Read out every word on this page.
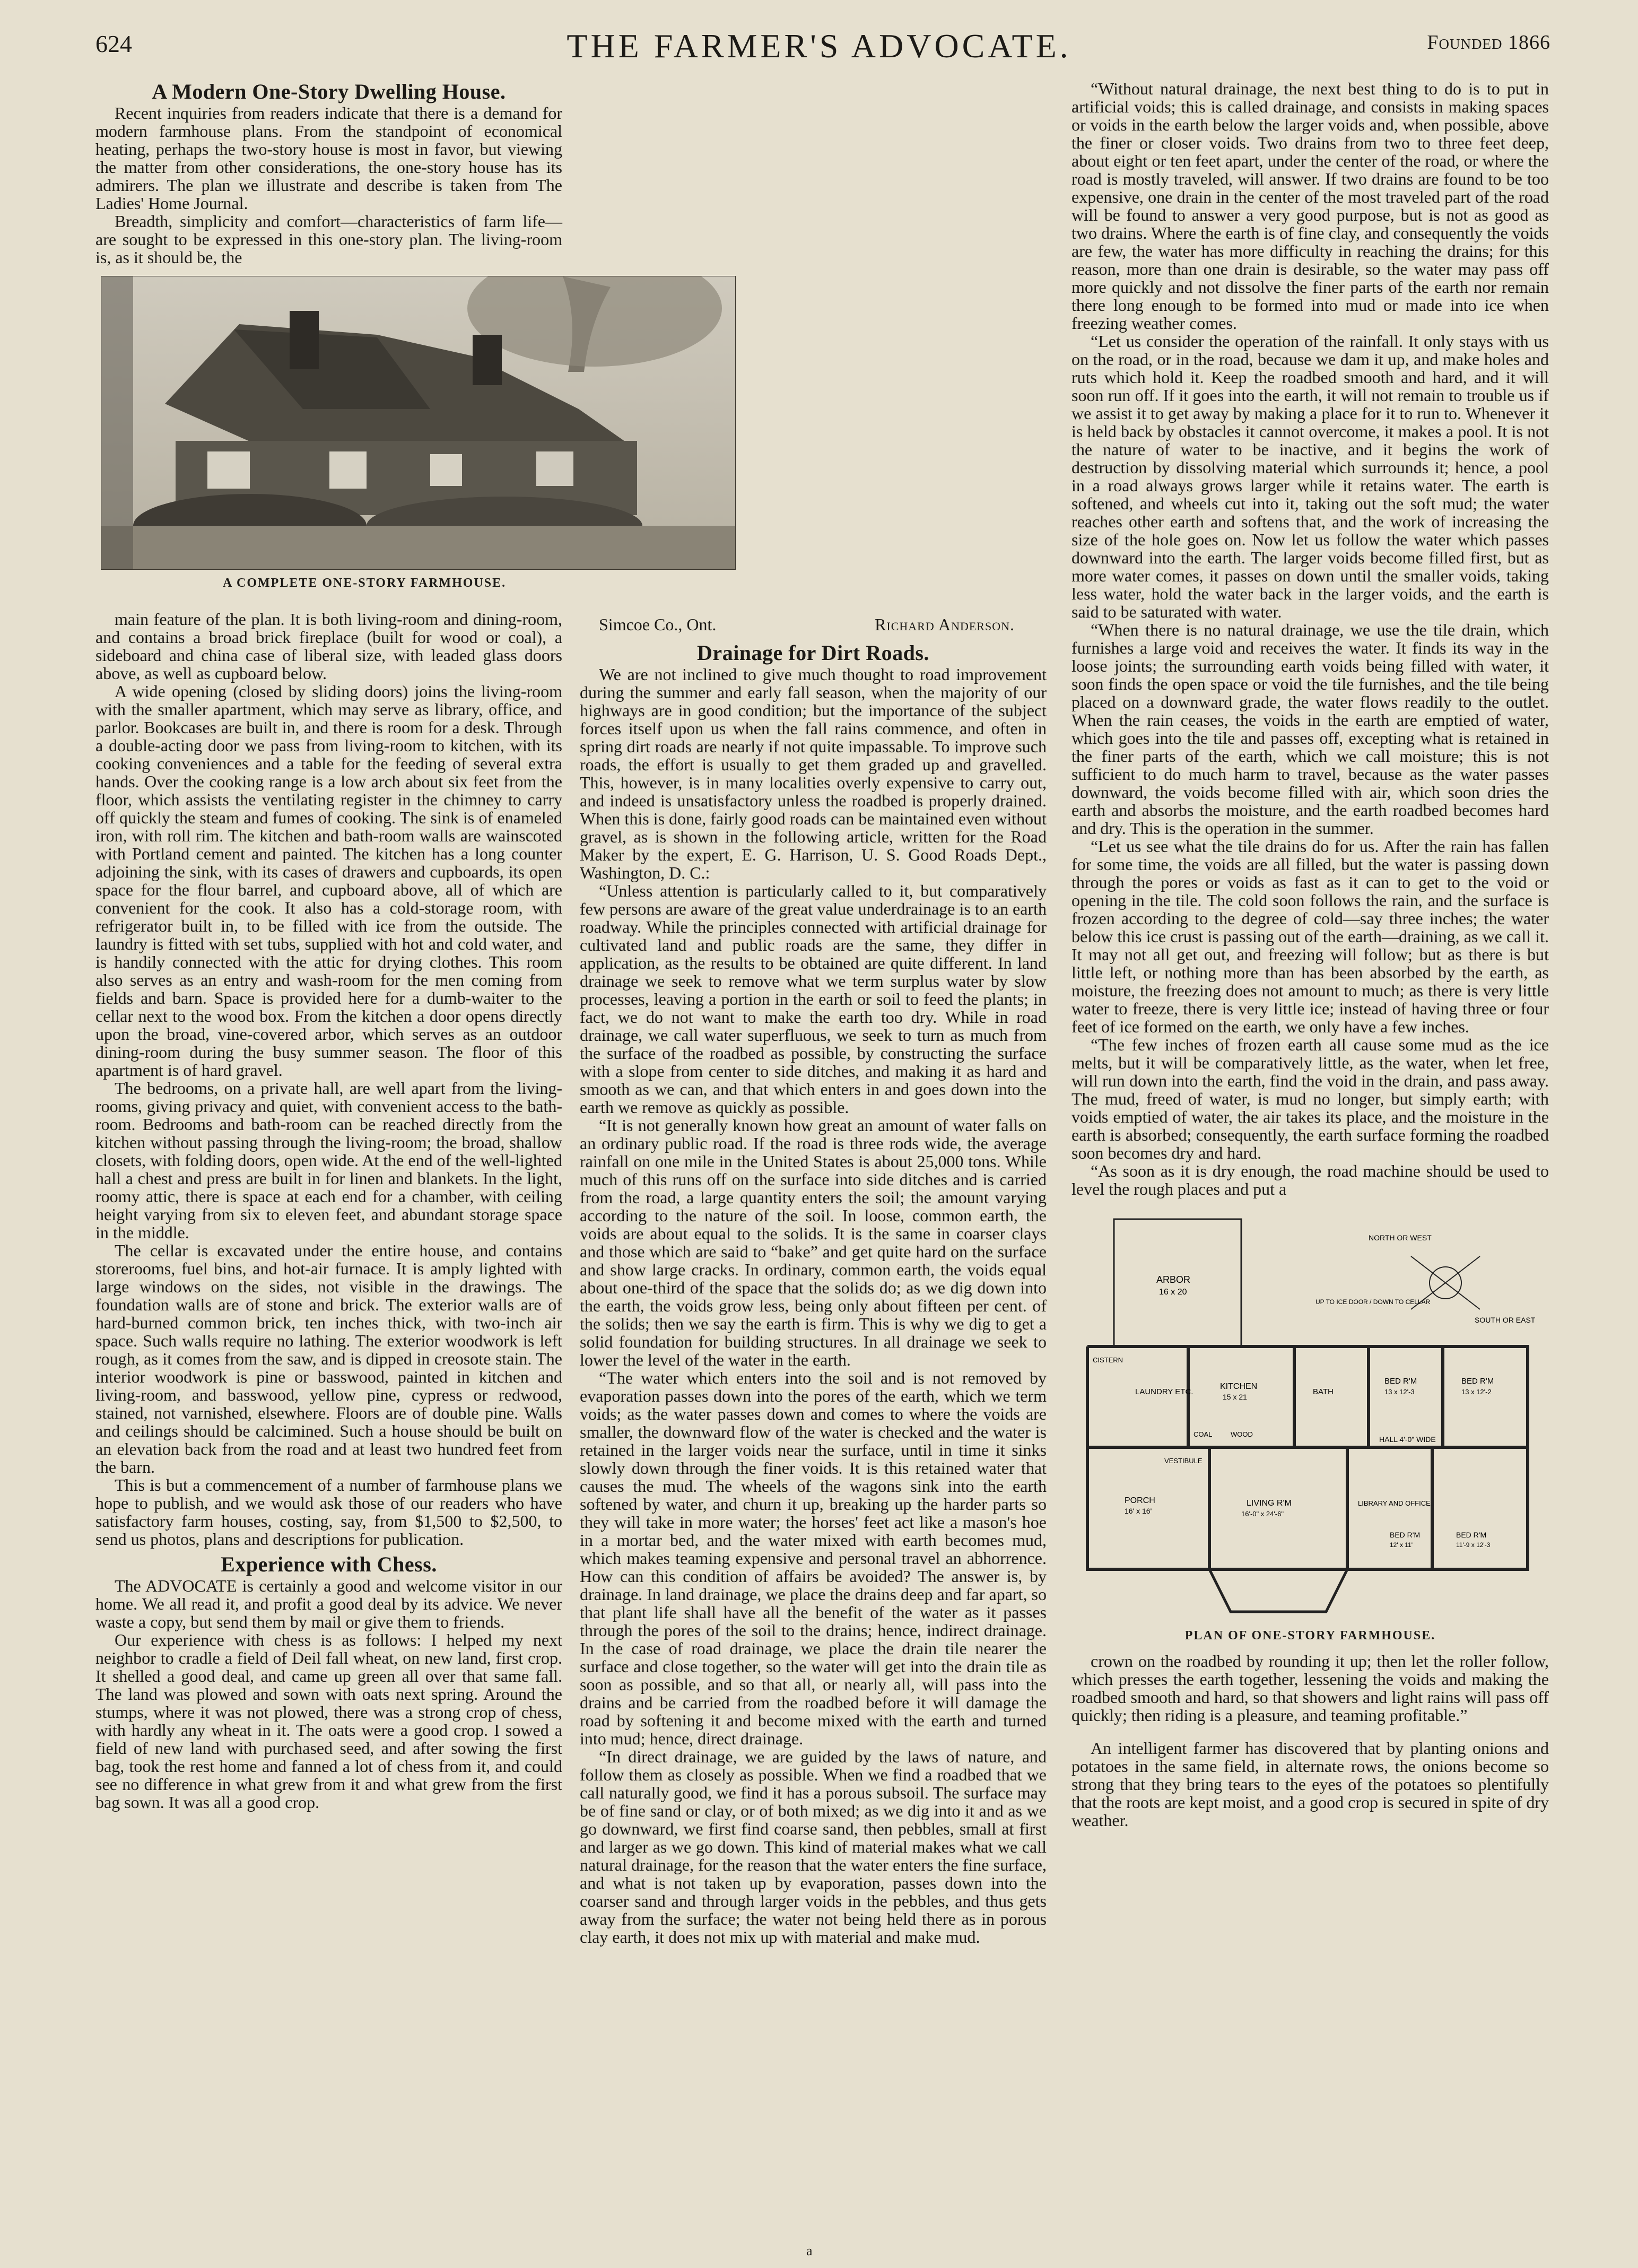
624	THE FARMER'S ADVOCATE.	Founded 1866
A Modern One-Story Dwelling House.

Recent inquiries from readers indicate that there is a demand for modern farmhouse plans. From the standpoint of economical heating, perhaps the two-story house is most in favor, but viewing the matter from other considerations, the one-story house has its admirers. The plan we illustrate and describe is taken from The Ladies' Home Journal.

Breadth, simplicity and comfort—characteristics of farm life—are sought to be expressed in this one-story plan. The living-room is, as it should be, the

A COMPLETE ONE-STORY FARMHOUSE.

main feature of the plan. It is both living-room and dining-room, and contains a broad brick fireplace (built for wood or coal), a sideboard and china case of liberal size, with leaded glass doors above, as well as cupboard below.

A wide opening (closed by sliding doors) joins the living-room with the smaller apartment, which may serve as library, office, and parlor. Bookcases are built in, and there is room for a desk. Through a double-acting door we pass from living-room to kitchen, with its cooking conveniences and a table for the feeding of several extra hands. Over the cooking range is a low arch about six feet from the floor, which assists the ventilating register in the chimney to carry off quickly the steam and fumes of cooking. The sink is of enameled iron, with roll rim. The kitchen and bath-room walls are wainscoted with Portland cement and painted. The kitchen has a long counter adjoining the sink, with its cases of drawers and cupboards, its open space for the flour barrel, and cupboard above, all of which are convenient for the cook. It also has a cold-storage room, with refrigerator built in, to be filled with ice from the outside. The laundry is fitted with set tubs, supplied with hot and cold water, and is handily connected with the attic for drying clothes. This room also serves as an entry and wash-room for the men coming from fields and barn. Space is provided here for a dumb-waiter to the cellar next to the wood box. From the kitchen a door opens directly upon the broad, vine-covered arbor, which serves as an outdoor dining-room during the busy summer season. The floor of this apartment is of hard gravel.

The bedrooms, on a private hall, are well apart from the living-rooms, giving privacy and quiet, with convenient access to the bath-room. Bedrooms and bath-room can be reached directly from the kitchen without passing through the living-room; the broad, shallow closets, with folding doors, open wide. At the end of the well-lighted hall a chest and press are built in for linen and blankets. In the light, roomy attic, there is space at each end for a chamber, with ceiling height varying from six to eleven feet, and abundant storage space in the middle.

The cellar is excavated under the entire house, and contains storerooms, fuel bins, and hot-air furnace. It is amply lighted with large windows on the sides, not visible in the drawings. The foundation walls are of stone and brick. The exterior walls are of hard-burned common brick, ten inches thick, with two-inch air space. Such walls require no lathing. The exterior woodwork is left rough, as it comes from the saw, and is dipped in creosote stain. The interior woodwork is pine or basswood, painted in kitchen and living-room, and basswood, yellow pine, cypress or redwood, stained, not varnished, elsewhere. Floors are of double pine. Walls and ceilings should be calcimined. Such a house should be built on an elevation back from the road and at least two hundred feet from the barn.

This is but a commencement of a number of farmhouse plans we hope to publish, and we would ask those of our readers who have satisfactory farm houses, costing, say, from $1,500 to $2,500, to send us photos, plans and descriptions for publication.

Experience with Chess.

The ADVOCATE is certainly a good and welcome visitor in our home. We all read it, and profit a good deal by its advice. We never waste a copy, but send them by mail or give them to friends.

Our experience with chess is as follows: I helped my next neighbor to cradle a field of Deil fall wheat, on new land, first crop. It shelled a good deal, and came up green all over that same fall. The land was plowed and sown with oats next spring. Around the stumps, where it was not plowed, there was a strong crop of chess, with hardly any wheat in it. The oats were a good crop. I sowed a field of new land with purchased seed, and after sowing the first bag, took the rest home and fanned a lot of chess from it, and could see no difference in what grew from it and what grew from the first bag sown. It was all a good crop.

Simcoe Co., Ont.	Richard Anderson.
Drainage for Dirt Roads.

We are not inclined to give much thought to road improvement during the summer and early fall season, when the majority of our highways are in good condition; but the importance of the subject forces itself upon us when the fall rains commence, and often in spring dirt roads are nearly if not quite impassable. To improve such roads, the effort is usually to get them graded up and gravelled. This, however, is in many localities overly expensive to carry out, and indeed is unsatisfactory unless the roadbed is properly drained. When this is done, fairly good roads can be maintained even without gravel, as is shown in the following article, written for the Road Maker by the expert, E. G. Harrison, U. S. Good Roads Dept., Washington, D. C.:

“Unless attention is particularly called to it, but comparatively few persons are aware of the great value underdrainage is to an earth roadway. While the principles connected with artificial drainage for cultivated land and public roads are the same, they differ in application, as the results to be obtained are quite different. In land drainage we seek to remove what we term surplus water by slow processes, leaving a portion in the earth or soil to feed the plants; in fact, we do not want to make the earth too dry. While in road drainage, we call water superfluous, we seek to turn as much from the surface of the roadbed as possible, by constructing the surface with a slope from center to side ditches, and making it as hard and smooth as we can, and that which enters in and goes down into the earth we remove as quickly as possible.

“It is not generally known how great an amount of water falls on an ordinary public road. If the road is three rods wide, the average rainfall on one mile in the United States is about 25,000 tons. While much of this runs off on the surface into side ditches and is carried from the road, a large quantity enters the soil; the amount varying according to the nature of the soil. In loose, common earth, the voids are about equal to the solids. It is the same in coarser clays and those which are said to “bake” and get quite hard on the surface and show large cracks. In ordinary, common earth, the voids equal about one-third of the space that the solids do; as we dig down into the earth, the voids grow less, being only about fifteen per cent. of the solids; then we say the earth is firm. This is why we dig to get a solid foundation for building structures. In all drainage we seek to lower the level of the water in the earth.

“The water which enters into the soil and is not removed by evaporation passes down into the pores of the earth, which we term voids; as the water passes down and comes to where the voids are smaller, the downward flow of the water is checked and the water is retained in the larger voids near the surface, until in time it sinks slowly down through the finer voids. It is this retained water that causes the mud. The wheels of the wagons sink into the earth softened by water, and churn it up, breaking up the harder parts so they will take in more water; the horses' feet act like a mason's hoe in a mortar bed, and the water mixed with earth becomes mud, which makes teaming expensive and personal travel an abhorrence. How can this condition of affairs be avoided? The answer is, by drainage. In land drainage, we place the drains deep and far apart, so that plant life shall have all the benefit of the water as it passes through the pores of the soil to the drains; hence, indirect drainage. In the case of road drainage, we place the drain tile nearer the surface and close together, so the water will get into the drain tile as soon as possible, and so that all, or nearly all, will pass into the drains and be carried from the roadbed before it will damage the road by softening it and become mixed with the earth and turned into mud; hence, direct drainage.

“In direct drainage, we are guided by the laws of nature, and follow them as closely as possible. When we find a roadbed that we call naturally good, we find it has a porous subsoil. The surface may be of fine sand or clay, or of both mixed; as we dig into it and as we go downward, we first find coarse sand, then pebbles, small at first and larger as we go down. This kind of material makes what we call natural drainage, for the reason that the water enters the fine surface, and what is not taken up by evaporation, passes down into the coarser sand and through larger voids in the pebbles, and thus gets away from the surface; the water not being held there as in porous clay earth, it does not mix up with material and make mud.

“Without natural drainage, the next best thing to do is to put in artificial voids; this is called drainage, and consists in making spaces or voids in the earth below the larger voids and, when possible, above the finer or closer voids. Two drains from two to three feet deep, about eight or ten feet apart, under the center of the road, or where the road is mostly traveled, will answer. If two drains are found to be too expensive, one drain in the center of the most traveled part of the road will be found to answer a very good purpose, but is not as good as two drains. Where the earth is of fine clay, and consequently the voids are few, the water has more difficulty in reaching the drains; for this reason, more than one drain is desirable, so the water may pass off more quickly and not dissolve the finer parts of the earth nor remain there long enough to be formed into mud or made into ice when freezing weather comes.

“Let us consider the operation of the rainfall. It only stays with us on the road, or in the road, because we dam it up, and make holes and ruts which hold it. Keep the roadbed smooth and hard, and it will soon run off. If it goes into the earth, it will not remain to trouble us if we assist it to get away by making a place for it to run to. Whenever it is held back by obstacles it cannot overcome, it makes a pool. It is not the nature of water to be inactive, and it begins the work of destruction by dissolving material which surrounds it; hence, a pool in a road always grows larger while it retains water. The earth is softened, and wheels cut into it, taking out the soft mud; the water reaches other earth and softens that, and the work of increasing the size of the hole goes on. Now let us follow the water which passes downward into the earth. The larger voids become filled first, but as more water comes, it passes on down until the smaller voids, taking less water, hold the water back in the larger voids, and the earth is said to be saturated with water.

“When there is no natural drainage, we use the tile drain, which furnishes a large void and receives the water. It finds its way in the loose joints; the surrounding earth voids being filled with water, it soon finds the open space or void the tile furnishes, and the tile being placed on a downward grade, the water flows readily to the outlet. When the rain ceases, the voids in the earth are emptied of water, which goes into the tile and passes off, excepting what is retained in the finer parts of the earth, which we call moisture; this is not sufficient to do much harm to travel, because as the water passes downward, the voids become filled with air, which soon dries the earth and absorbs the moisture, and the earth roadbed becomes hard and dry. This is the operation in the summer.

“Let us see what the tile drains do for us. After the rain has fallen for some time, the voids are all filled, but the water is passing down through the pores or voids as fast as it can to get to the void or opening in the tile. The cold soon follows the rain, and the surface is frozen according to the degree of cold—say three inches; the water below this ice crust is passing out of the earth—draining, as we call it. It may not all get out, and freezing will follow; but as there is but little left, or nothing more than has been absorbed by the earth, as moisture, the freezing does not amount to much; as there is very little water to freeze, there is very little ice; instead of having three or four feet of ice formed on the earth, we only have a few inches.

“The few inches of frozen earth all cause some mud as the ice melts, but it will be comparatively little, as the water, when let free, will run down into the earth, find the void in the drain, and pass away. The mud, freed of water, is mud no longer, but simply earth; with voids emptied of water, the air takes its place, and the moisture in the earth is absorbed; consequently, the earth surface forming the roadbed soon becomes dry and hard.

“As soon as it is dry enough, the road machine should be used to level the rough places and put a

ARBOR
16 x 20
NORTH OR WEST
SOUTH OR EAST
UP TO ICE DOOR / DOWN TO CELLAR
LAUNDRY ETC.
KITCHEN
15 x 21
BATH
BED R'M
13 x 12'-3
BED R'M
13 x 12'-2
HALL 4'-0" WIDE
CISTERN
COAL	WOOD
PORCH
16' x 16'
VESTIBULE
LIVING R'M
16'-0" x 24'-6"
LIBRARY AND OFFICE
BED R'M
12' x 11'
BED R'M
11'-9 x 12'-3
PLAN OF ONE-STORY FARMHOUSE.

crown on the roadbed by rounding it up; then let the roller follow, which presses the earth together, lessening the voids and making the roadbed smooth and hard, so that showers and light rains will pass off quickly; then riding is a pleasure, and teaming profitable.”

An intelligent farmer has discovered that by planting onions and potatoes in the same field, in alternate rows, the onions become so strong that they bring tears to the eyes of the potatoes so plentifully that the roots are kept moist, and a good crop is secured in spite of dry weather.

a
